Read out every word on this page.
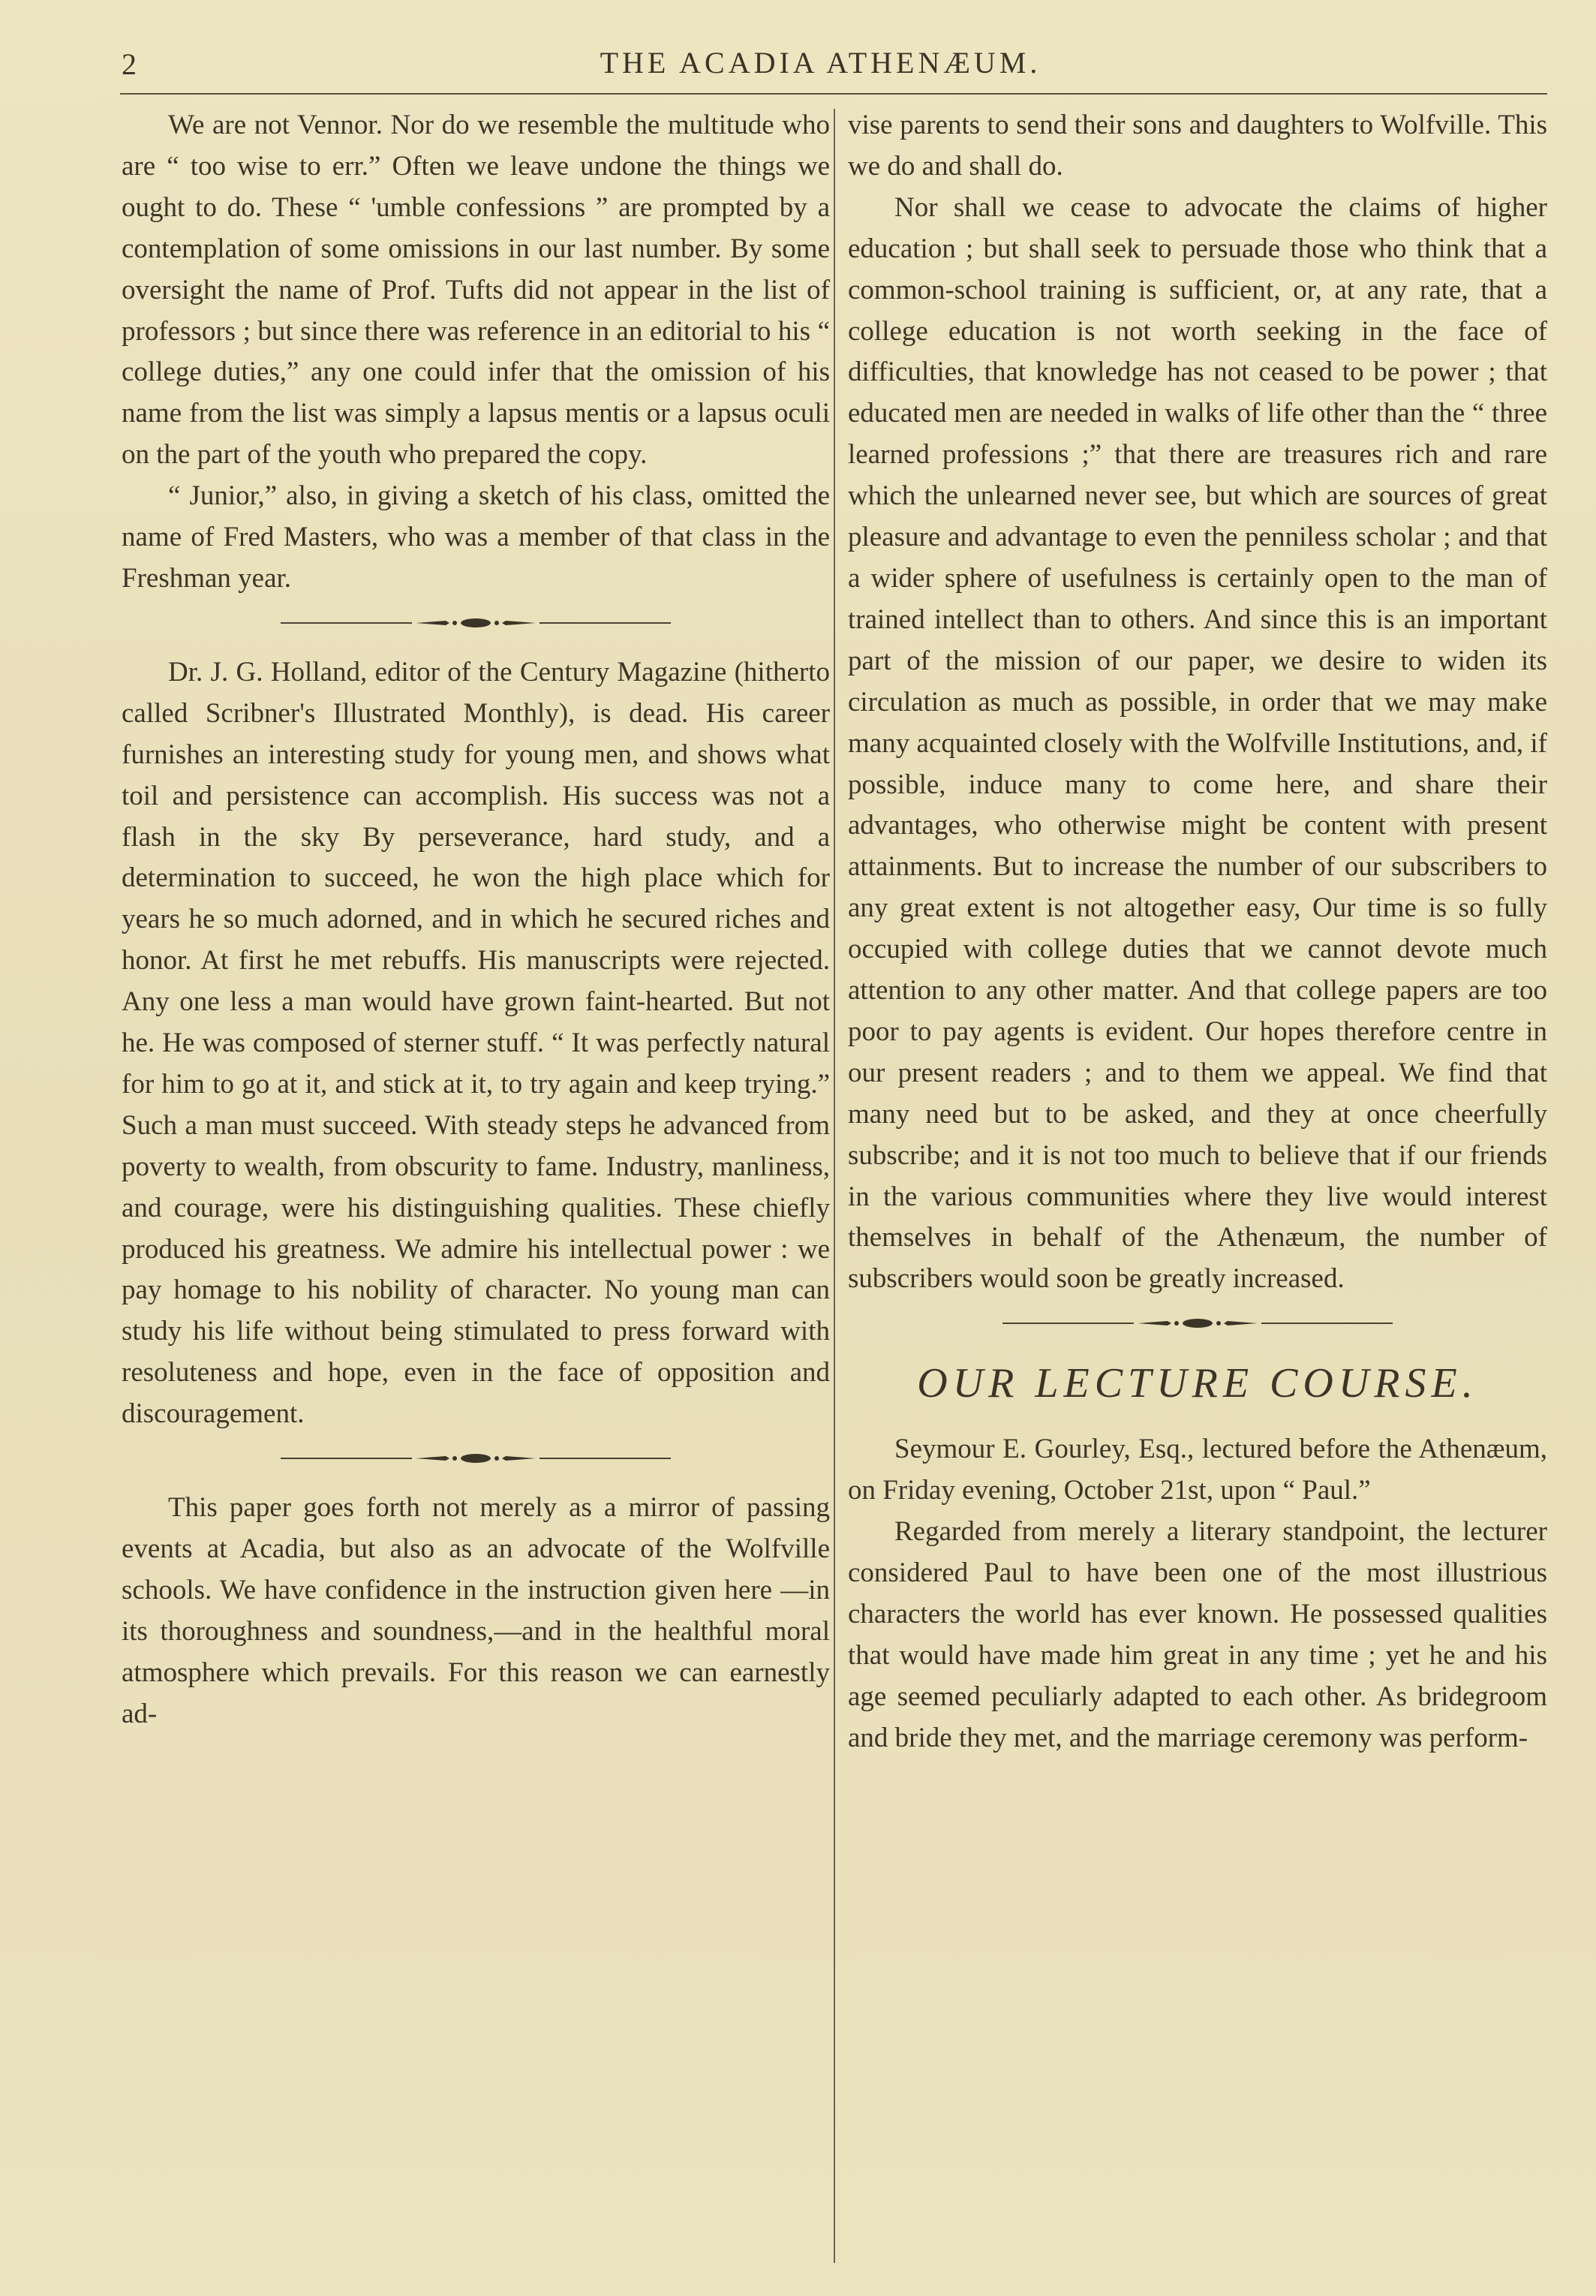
2	THE ACADIA ATHENÆUM.

We are not Vennor. Nor do we resemble the multitude who are “ too wise to err.” Often we leave undone the things we ought to do. These “ 'umble confessions ” are prompted by a contemplation of some omissions in our last number. By some oversight the name of Prof. Tufts did not appear in the list of professors ; but since there was reference in an editorial to his “ college duties,” any one could infer that the omission of his name from the list was simply a lapsus mentis or a lapsus oculi on the part of the youth who prepared the copy.

“ Junior,” also, in giving a sketch of his class, omitted the name of Fred Masters, who was a member of that class in the Freshman year.

Dr. J. G. Holland, editor of the Century Magazine (hitherto called Scribner's Illustrated Monthly), is dead. His career furnishes an interesting study for young men, and shows what toil and persistence can accomplish. His success was not a flash in the sky By perseverance, hard study, and a determination to succeed, he won the high place which for years he so much adorned, and in which he secured riches and honor. At first he met rebuffs. His manuscripts were rejected. Any one less a man would have grown faint-hearted. But not he. He was composed of sterner stuff. “ It was perfectly natural for him to go at it, and stick at it, to try again and keep trying.” Such a man must succeed. With steady steps he advanced from poverty to wealth, from obscurity to fame. Industry, manliness, and courage, were his distinguishing qualities. These chiefly produced his greatness. We admire his intellectual power : we pay homage to his nobility of character. No young man can study his life without being stimulated to press forward with resoluteness and hope, even in the face of opposition and discouragement.

This paper goes forth not merely as a mirror of passing events at Acadia, but also as an advocate of the Wolfville schools. We have confidence in the instruction given here —in its thoroughness and soundness,—and in the healthful moral atmosphere which prevails. For this reason we can earnestly ad-

vise parents to send their sons and daughters to Wolfville. This we do and shall do.

Nor shall we cease to advocate the claims of higher education ; but shall seek to persuade those who think that a common-school training is sufficient, or, at any rate, that a college education is not worth seeking in the face of difficulties, that knowledge has not ceased to be power ; that educated men are needed in walks of life other than the “ three learned professions ;” that there are treasures rich and rare which the unlearned never see, but which are sources of great pleasure and advantage to even the penniless scholar ; and that a wider sphere of usefulness is certainly open to the man of trained intellect than to others. And since this is an important part of the mission of our paper, we desire to widen its circulation as much as possible, in order that we may make many acquainted closely with the Wolfville Institutions, and, if possible, induce many to come here, and share their advantages, who otherwise might be content with present attainments. But to increase the number of our subscribers to any great extent is not altogether easy, Our time is so fully occupied with college duties that we cannot devote much attention to any other matter. And that college papers are too poor to pay agents is evident. Our hopes therefore centre in our present readers ; and to them we appeal. We find that many need but to be asked, and they at once cheerfully subscribe; and it is not too much to believe that if our friends in the various communities where they live would interest themselves in behalf of the Athenæum, the number of subscribers would soon be greatly increased.

OUR LECTURE COURSE.

Seymour E. Gourley, Esq., lectured before the Athenæum, on Friday evening, October 21st, upon “ Paul.”

Regarded from merely a literary standpoint, the lecturer considered Paul to have been one of the most illustrious characters the world has ever known. He possessed qualities that would have made him great in any time ; yet he and his age seemed peculiarly adapted to each other. As bridegroom and bride they met, and the marriage ceremony was perform-
